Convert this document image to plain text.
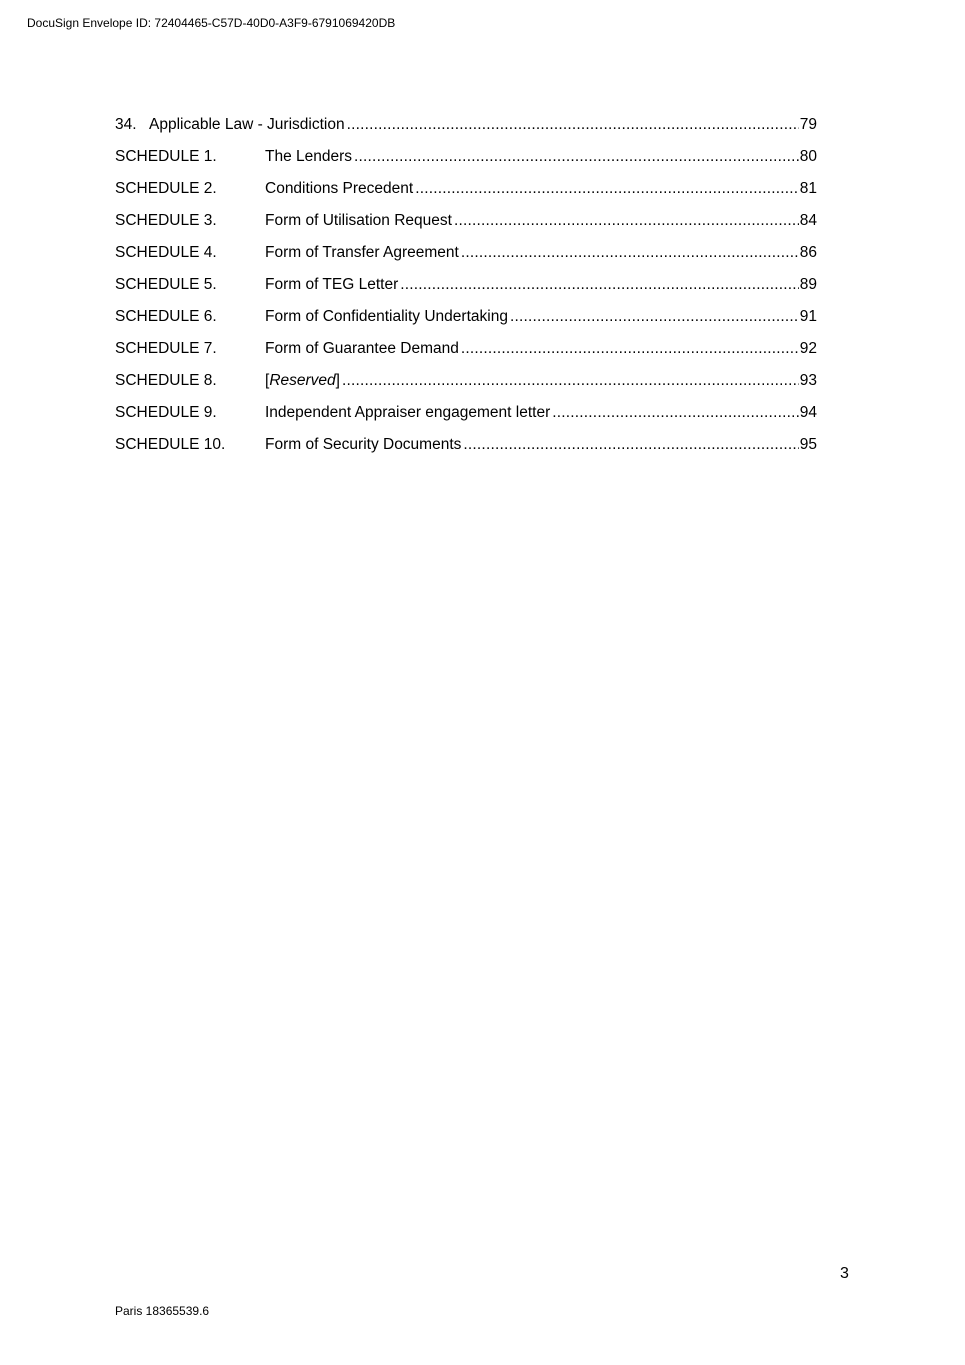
DocuSign Envelope ID: 72404465-C57D-40D0-A3F9-6791069420DB
34. Applicable Law - Jurisdiction .....	79
SCHEDULE 1.	The Lenders .....	80
SCHEDULE 2.	Conditions Precedent .....	81
SCHEDULE 3.	Form of Utilisation Request .....	84
SCHEDULE 4.	Form of Transfer Agreement .....	86
SCHEDULE 5.	Form of TEG Letter .....	89
SCHEDULE 6.	Form of Confidentiality Undertaking .....	91
SCHEDULE 7.	Form of Guarantee Demand .....	92
SCHEDULE 8.	[Reserved] .....	93
SCHEDULE 9.	Independent Appraiser engagement letter .....	94
SCHEDULE 10.	Form of Security Documents .....	95
3
Paris 18365539.6
